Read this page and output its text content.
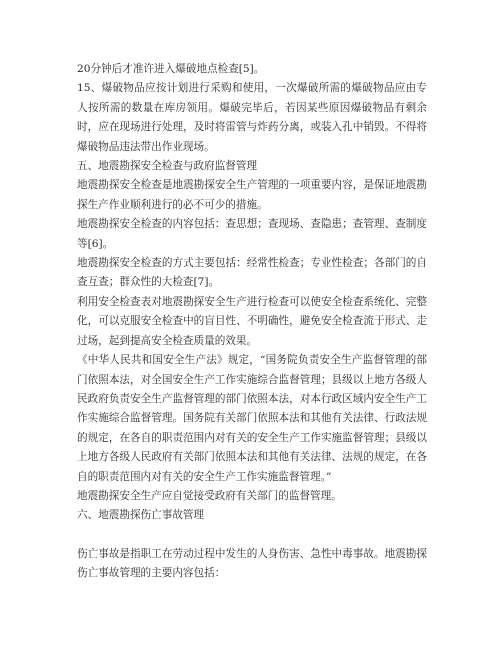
20分钟后才准许进入爆破地点检查[5]。

15、爆破物品应按计划进行采购和使用，一次爆破所需的爆破物品应由专人按所需的数量在库房领用。爆破完毕后，若因某些原因爆破物品有剩余时，应在现场进行处理，及时将雷管与炸药分离，或装入孔中销毁。不得将爆破物品违法带出作业现场。

五、地震勘探安全检查与政府监督管理

地震勘探安全检查是地震勘探安全生产管理的一项重要内容，是保证地震勘探生产作业顺利进行的必不可少的措施。

地震勘探安全检查的内容包括：查思想；查现场、查隐患；查管理、查制度等[6]。

地震勘探安全检查的方式主要包括：经常性检查；专业性检查；各部门的自查互查；群众性的大检查[7]。

利用安全检查表对地震勘探安全生产进行检查可以使安全检查系统化、完整化，可以克服安全检查中的盲目性、不明确性，避免安全检查流于形式、走过场，起到提高安全检查质量的效果。

《中华人民共和国安全生产法》规定，“国务院负责安全生产监督管理的部门依照本法，对全国安全生产工作实施综合监督管理；县级以上地方各级人民政府负责安全生产监督管理的部门依照本法，对本行政区域内安全生产工作实施综合监督管理。国务院有关部门依照本法和其他有关法律、行政法规的规定，在各自的职责范围内对有关的安全生产工作实施监督管理；县级以上地方各级人民政府有关部门依照本法和其他有关法律、法规的规定，在各自的职责范围内对有关的安全生产工作实施监督管理。”

地震勘探安全生产应自觉接受政府有关部门的监督管理。

六、地震勘探伤亡事故管理

伤亡事故是指职工在劳动过程中发生的人身伤害、急性中毒事故。地震勘探伤亡事故管理的主要内容包括：
